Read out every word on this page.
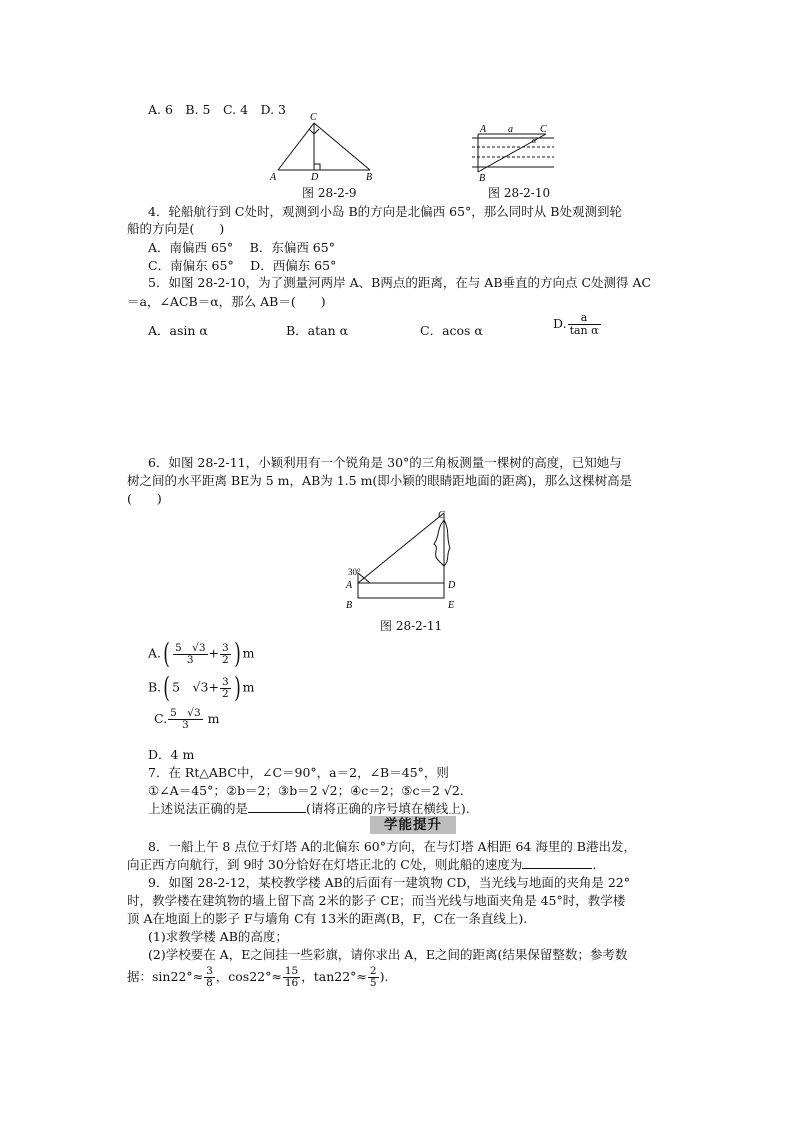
A. 6　B. 5　C. 4　D. 3
A
C
D	B
图 28-2-9
A a	C
α
B
图 28-2-10
4．轮船航行到 C处时，观测到小岛 B的方向是北偏西 65°，那么同时从 B处观测到轮
船的方向是(　　)
A．南偏西 65°　 B．东偏西 65°
C．南偏东 65°　 D．西偏东 65°
5．如图 28-2-10，为了测量河两岸 A、B两点的距离，在与 AB垂直的方向点 C处测得 AC
＝a，∠ACB＝α，那么 AB＝(　　)
A．asin α	B．atan α	C．acos α	D. $\frac{a}{\text{tan α}}$
6．如图 28-2-11，小颖利用有一个锐角是 30°的三角板测量一棵树的高度，已知她与
树之间的水平距离 BE为 5 m，AB为 1.5 m(即小颖的眼睛距地面的距离)，那么这棵树高是
(　　)
30°
A
B
C
D
E
图 28-2-11
$A.( \frac{5 √3}{3} + \frac{3}{2}$ ) m
B.( 5　$√3+ \frac{3}{2}$ ) m
C. $\frac{5 √3}{3}$ m
D．4 m
7．在 Rt△ABC中，∠C＝90°，a＝2，∠B＝45°，则
①∠A＝45°；②b＝2；③b＝2 √2；④c＝2；⑤c＝2 √2.
上述说法正确的是	(请将正确的序号填在横线上).
学能提升
8．一船上午 8 点位于灯塔 A的北偏东 60°方向，在与灯塔 A相距 64 海里的 B港出发，
向正西方向航行，到 9时 30分恰好在灯塔正北的 C处，则此船的速度为	.
9．如图 28-2-12，某校教学楼 AB的后面有一建筑物 CD，当光线与地面的夹角是 22°
时，教学楼在建筑物的墙上留下高 2米的影子 CE；而当光线与地面夹角是 45°时，教学楼
顶 A在地面上的影子 F与墙角 C有 13米的距离(B，F，C在一条直线上).
(1)求教学楼 AB的高度；
(2)学校要在 A，E之间挂一些彩旗，请你求出 A，E之间的距离(结果保留整数；参考数
据：$\sin 22^\circ\approx \frac{3}{8}$ ，$\cos 22^\circ\approx \frac{15}{16}$ ，$\tan 22^\circ\approx \frac{2}{5}$ ).
